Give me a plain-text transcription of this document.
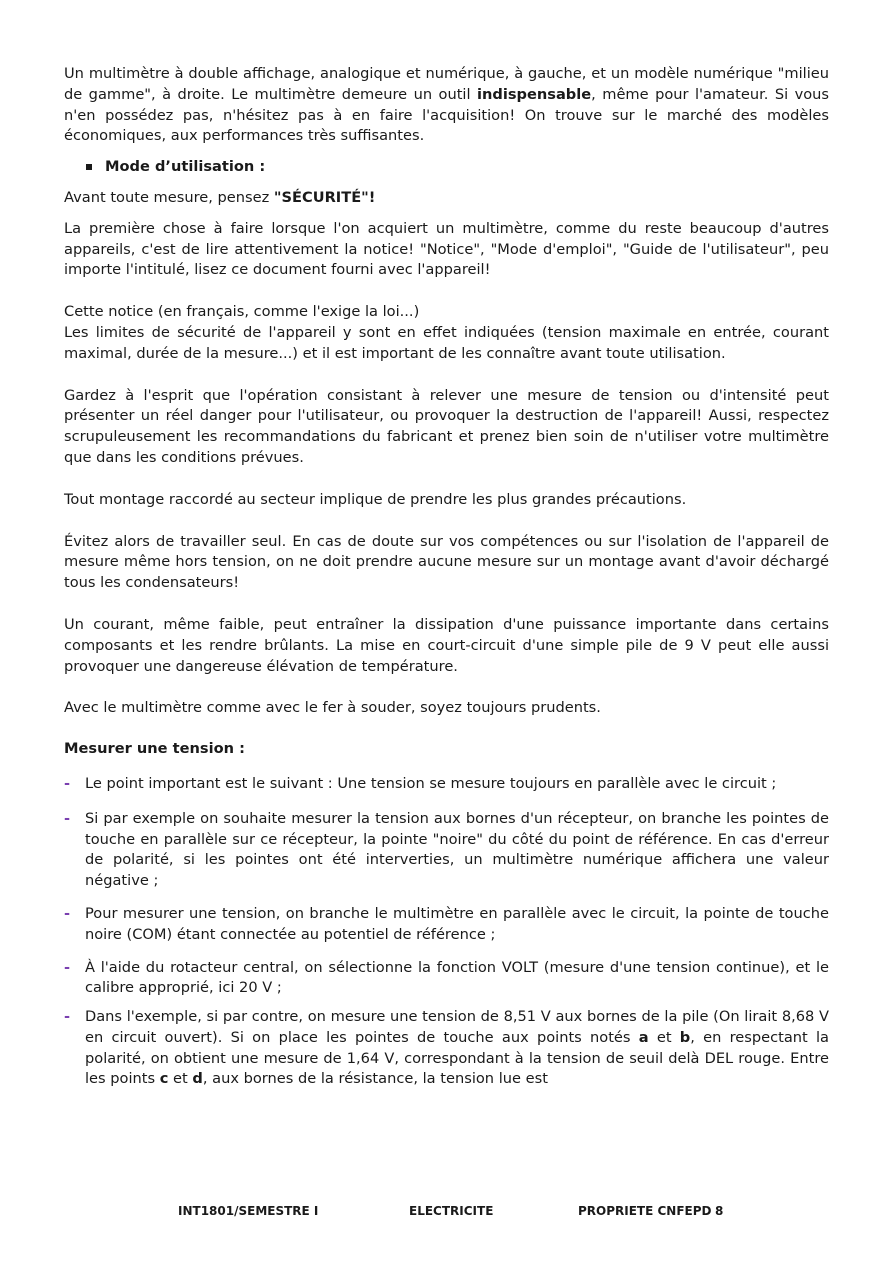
Un multimètre à double affichage, analogique et numérique, à gauche, et un modèle numérique "milieu de gamme", à droite. Le multimètre demeure un outil indispensable, même pour l'amateur. Si vous n'en possédez pas, n'hésitez pas à en faire l'acquisition! On trouve sur le marché des modèles économiques, aux performances très suffisantes.

Mode d’utilisation :

Avant toute mesure, pensez "SÉCURITÉ"!

La première chose à faire lorsque l'on acquiert un multimètre, comme du reste beaucoup d'autres appareils, c'est de lire attentivement la notice! "Notice", "Mode d'emploi", "Guide de l'utilisateur", peu importe l'intitulé, lisez ce document fourni avec l'appareil!

Cette notice (en français, comme l'exige la loi...)

Les limites de sécurité de l'appareil y sont en effet indiquées (tension maximale en entrée, courant maximal, durée de la mesure...) et il est important de les connaître avant toute utilisation.

Gardez à l'esprit que l'opération consistant à relever une mesure de tension ou d'intensité peut présenter un réel danger pour l'utilisateur, ou provoquer la destruction de l'appareil! Aussi, respectez scrupuleusement les recommandations du fabricant et prenez bien soin de n'utiliser votre multimètre que dans les conditions prévues.

Tout montage raccordé au secteur implique de prendre les plus grandes précautions.

Évitez alors de travailler seul. En cas de doute sur vos compétences ou sur l'isolation de l'appareil de mesure même hors tension, on ne doit prendre aucune mesure sur un montage avant d'avoir déchargé tous les condensateurs!

Un courant, même faible, peut entraîner la dissipation d'une puissance importante dans certains composants et les rendre brûlants. La mise en court-circuit d'une simple pile de 9 V peut elle aussi provoquer une dangereuse élévation de température.

Avec le multimètre comme avec le fer à souder, soyez toujours prudents.

Mesurer une tension :

- Le point important est le suivant : Une tension se mesure toujours en parallèle avec le circuit ;
- Si par exemple on souhaite mesurer la tension aux bornes d'un récepteur, on branche les pointes de touche en parallèle sur ce récepteur, la pointe "noire" du côté du point de référence. En cas d'erreur de polarité, si les pointes ont été interverties, un multimètre numérique affichera une valeur négative ;
- Pour mesurer une tension, on branche le multimètre en parallèle avec le circuit, la pointe de touche noire (COM) étant connectée au potentiel de référence ;
- À l'aide du rotacteur central, on sélectionne la fonction VOLT (mesure d'une tension continue), et le calibre approprié, ici 20 V ;
- Dans l'exemple, si par contre, on mesure une tension de 8,51 V aux bornes de la pile (On lirait 8,68 V en circuit ouvert). Si on place les pointes de touche aux points notés a et b, en respectant la polarité, on obtient une mesure de 1,64 V, correspondant à la tension de seuil delà DEL rouge. Entre les points c et d, aux bornes de la résistance, la tension lue est
INT1801/SEMESTRE I	ELECTRICITE	PROPRIETE CNFEPD 8
